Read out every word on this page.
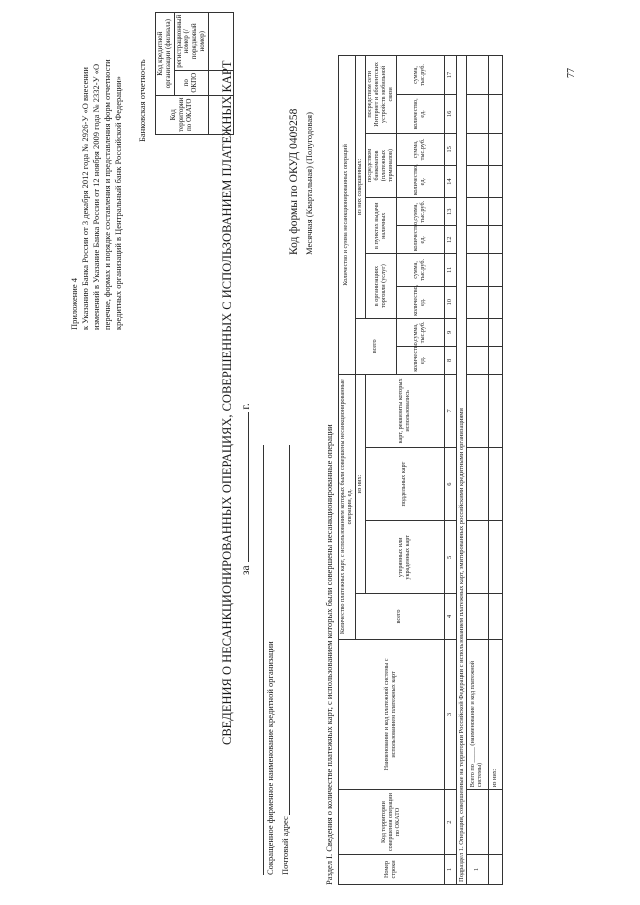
77
Приложение 4 к Указанию Банка России от 3 декабря 2012 года № 2926-У «О внесении изменений в Указание Банка России от 12 ноября 2009 года № 2332-У «О перечне, формах и порядке составления и представления форм отчетности кредитных организаций в Центральный банк Российской Федерации» Банковская отчетность	Код территории по ОКАТО	Код кредитной организации (филиала)	
	по ОКПО	регистрационный номер (/порядковый номер)

СВЕДЕНИЯ О НЕСАНКЦИОНИРОВАННЫХ ОПЕРАЦИЯХ, СОВЕРШЕННЫХ С ИСПОЛЬЗОВАНИЕМ ПЛАТЕЖНЫХ КАРТ за  г.
Сокращенное фирменное наименование кредитной организации Почтовый адрес
Код формы по ОКУД 0409258 Месячная (Квартальная) (Полугодовая)
Раздел I. Сведения о количестве платежных карт, с использованием которых были совершены несанкционированные операции	Номер строки	Код территории совершения операции по ОКАТО	Наименование и код платежной системы с использованием платежных карт	Количество платежных карт, с использованием которых были совершены несанкционированные операции, ед.				Количество и сумма несанкционированных операций									
			всего	из них:			всего		из них совершенных:							
				утерянных или украденных карт	поддельных карт	карт, реквизиты которых использовались			в организациях торговли (услуг)		в пунктах выдачи наличных		посредством банкоматов (платежных терминалов)		посредством сети Интернет и абонентских устройств мобильной связи	
							количество, ед.	сумма, тыс.руб.	количество, ед.	сумма, тыс.руб.	количество, ед.	сумма, тыс.руб.	количество, ед.	сумма, тыс.руб.	количество, ед.	сумма, тыс.руб.
1	2	3	4	5	6	7	8	9	10	11	12	13	14	15	16	17
Подраздел 1. Операции, совершенные на территории Российской Федерации с использованием платежных карт, эмитированных российскими кредитными организациями																
1		Всего по _____ (наименование и код платежной системы)														
		из них:														
